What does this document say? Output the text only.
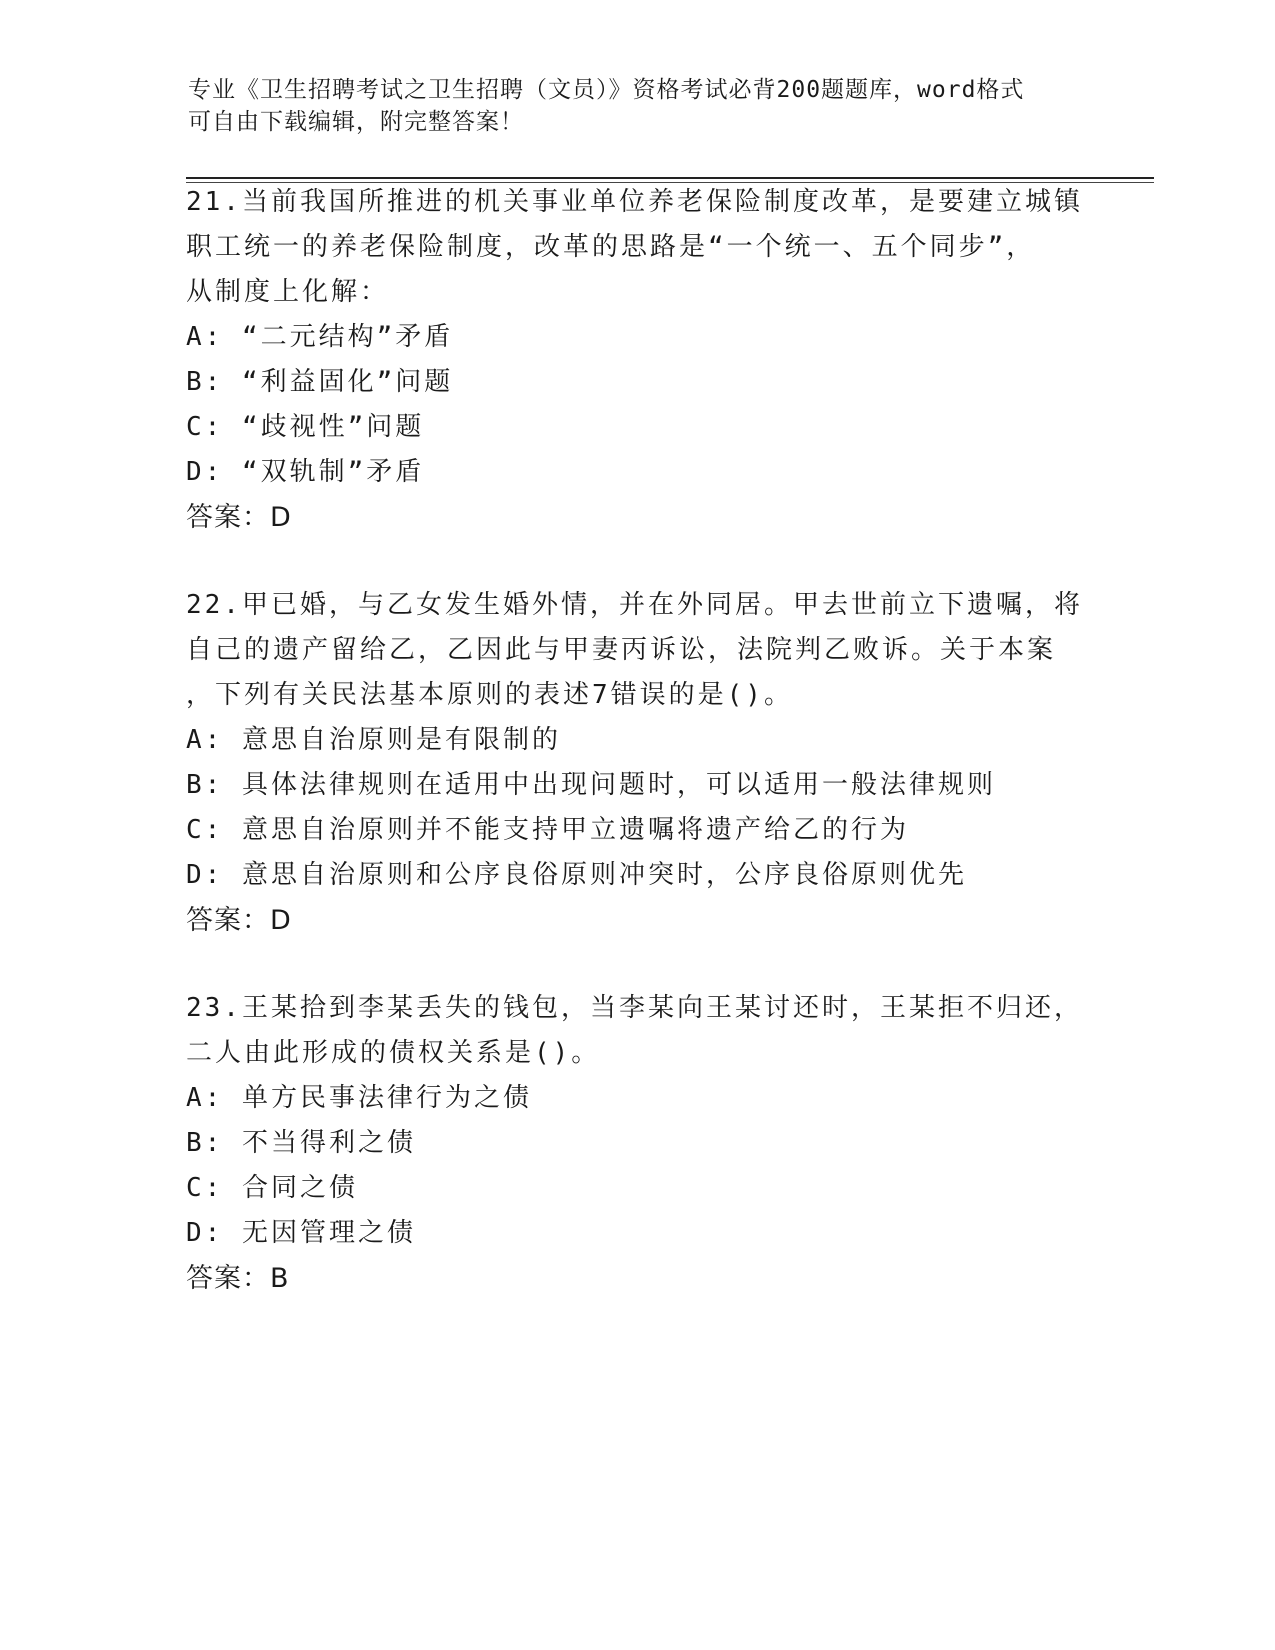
专业《卫生招聘考试之卫生招聘（文员）》资格考试必背200题题库，word格式
可自由下载编辑，附完整答案！
21.当前我国所推进的机关事业单位养老保险制度改革，是要建立城镇
职工统一的养老保险制度，改革的思路是“一个统一、五个同步”，
从制度上化解：
A: “二元结构”矛盾
B: “利益固化”问题
C: “歧视性”问题
D: “双轨制”矛盾
答案：D
22.甲已婚，与乙女发生婚外情，并在外同居。甲去世前立下遗嘱，将
自己的遗产留给乙，乙因此与甲妻丙诉讼，法院判乙败诉。关于本案
，下列有关民法基本原则的表述7错误的是()。
A: 意思自治原则是有限制的
B: 具体法律规则在适用中出现问题时，可以适用一般法律规则
C: 意思自治原则并不能支持甲立遗嘱将遗产给乙的行为
D: 意思自治原则和公序良俗原则冲突时，公序良俗原则优先
答案：D
23.王某拾到李某丢失的钱包，当李某向王某讨还时，王某拒不归还，
二人由此形成的债权关系是()。
A: 单方民事法律行为之债
B: 不当得利之债
C: 合同之债
D: 无因管理之债
答案：B
